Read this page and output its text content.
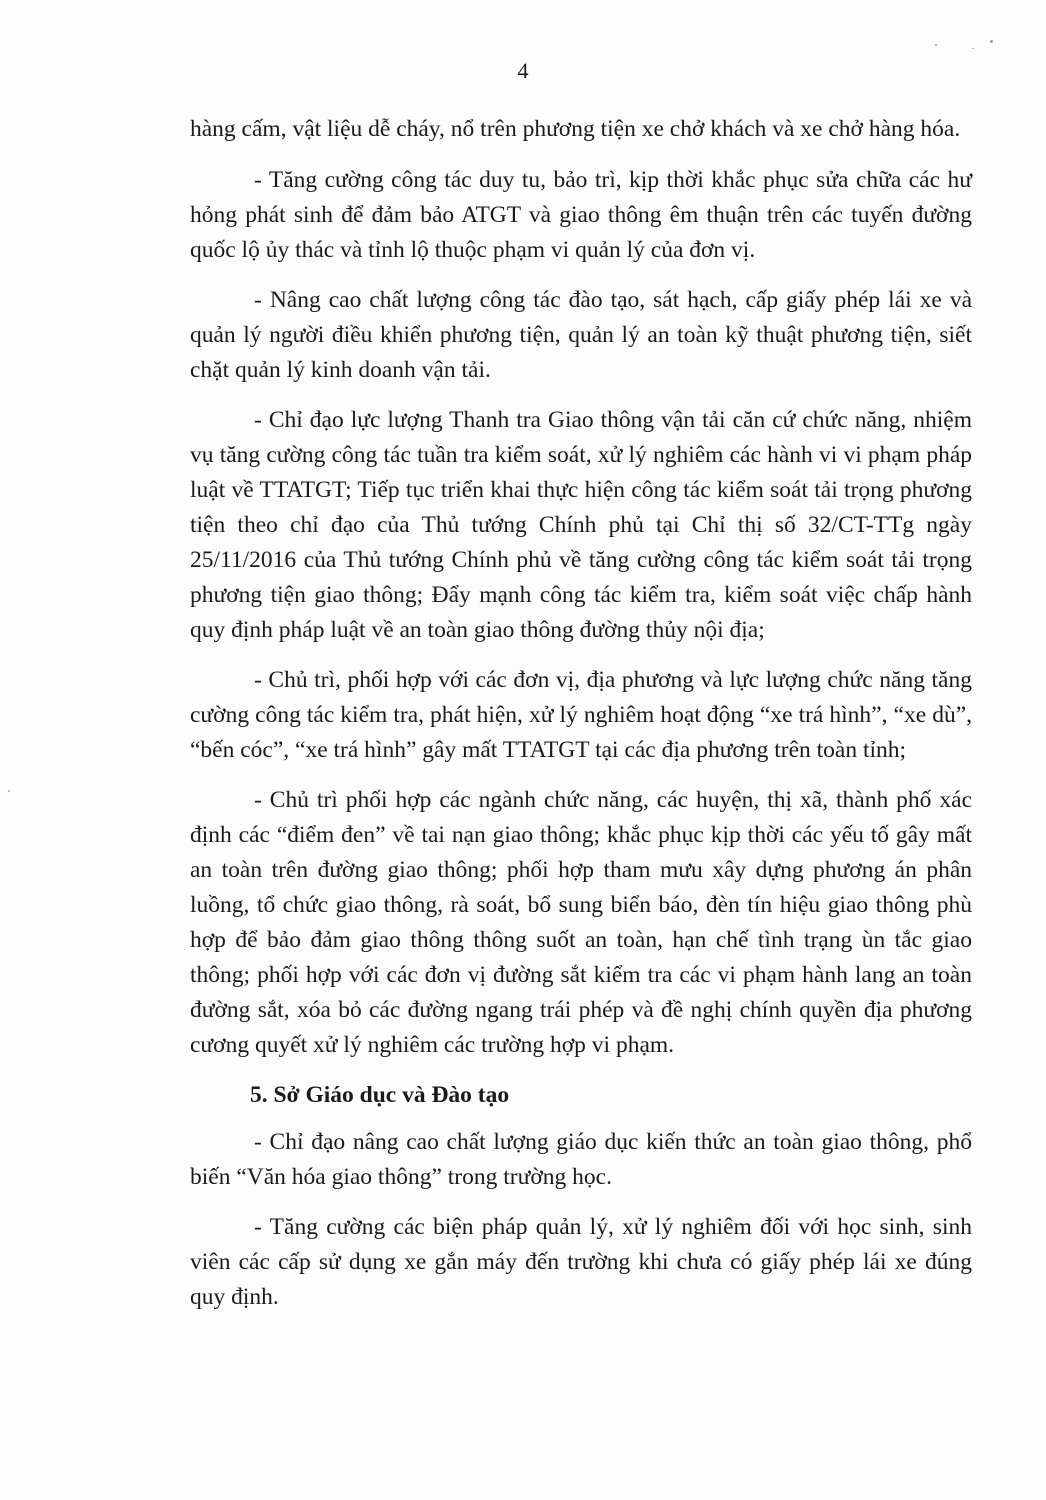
4

hàng cấm, vật liệu dễ cháy, nổ trên phương tiện xe chở khách và xe chở hàng hóa.

- Tăng cường công tác duy tu, bảo trì, kịp thời khắc phục sửa chữa các hư hỏng phát sinh để đảm bảo ATGT và giao thông êm thuận trên các tuyến đường quốc lộ ủy thác và tỉnh lộ thuộc phạm vi quản lý của đơn vị.

- Nâng cao chất lượng công tác đào tạo, sát hạch, cấp giấy phép lái xe và quản lý người điều khiển phương tiện, quản lý an toàn kỹ thuật phương tiện, siết chặt quản lý kinh doanh vận tải.

- Chỉ đạo lực lượng Thanh tra Giao thông vận tải căn cứ chức năng, nhiệm vụ tăng cường công tác tuần tra kiểm soát, xử lý nghiêm các hành vi vi phạm pháp luật về TTATGT; Tiếp tục triển khai thực hiện công tác kiểm soát tải trọng phương tiện theo chỉ đạo của Thủ tướng Chính phủ tại Chỉ thị số 32/CT-TTg ngày 25/11/2016 của Thủ tướng Chính phủ về tăng cường công tác kiểm soát tải trọng phương tiện giao thông; Đẩy mạnh công tác kiểm tra, kiểm soát việc chấp hành quy định pháp luật về an toàn giao thông đường thủy nội địa;

- Chủ trì, phối hợp với các đơn vị, địa phương và lực lượng chức năng tăng cường công tác kiểm tra, phát hiện, xử lý nghiêm hoạt động “xe trá hình”, “xe dù”, “bến cóc”, “xe trá hình” gây mất TTATGT tại các địa phương trên toàn tỉnh;

- Chủ trì phối hợp các ngành chức năng, các huyện, thị xã, thành phố xác định các “điểm đen” về tai nạn giao thông; khắc phục kịp thời các yếu tố gây mất an toàn trên đường giao thông; phối hợp tham mưu xây dựng phương án phân luồng, tổ chức giao thông, rà soát, bổ sung biển báo, đèn tín hiệu giao thông phù hợp để bảo đảm giao thông thông suốt an toàn, hạn chế tình trạng ùn tắc giao thông; phối hợp với các đơn vị đường sắt kiểm tra các vi phạm hành lang an toàn đường sắt, xóa bỏ các đường ngang trái phép và đề nghị chính quyền địa phương cương quyết xử lý nghiêm các trường hợp vi phạm.

5. Sở Giáo dục và Đào tạo

- Chỉ đạo nâng cao chất lượng giáo dục kiến thức an toàn giao thông, phổ biến “Văn hóa giao thông” trong trường học.

- Tăng cường các biện pháp quản lý, xử lý nghiêm đối với học sinh, sinh viên các cấp sử dụng xe gắn máy đến trường khi chưa có giấy phép lái xe đúng quy định.
